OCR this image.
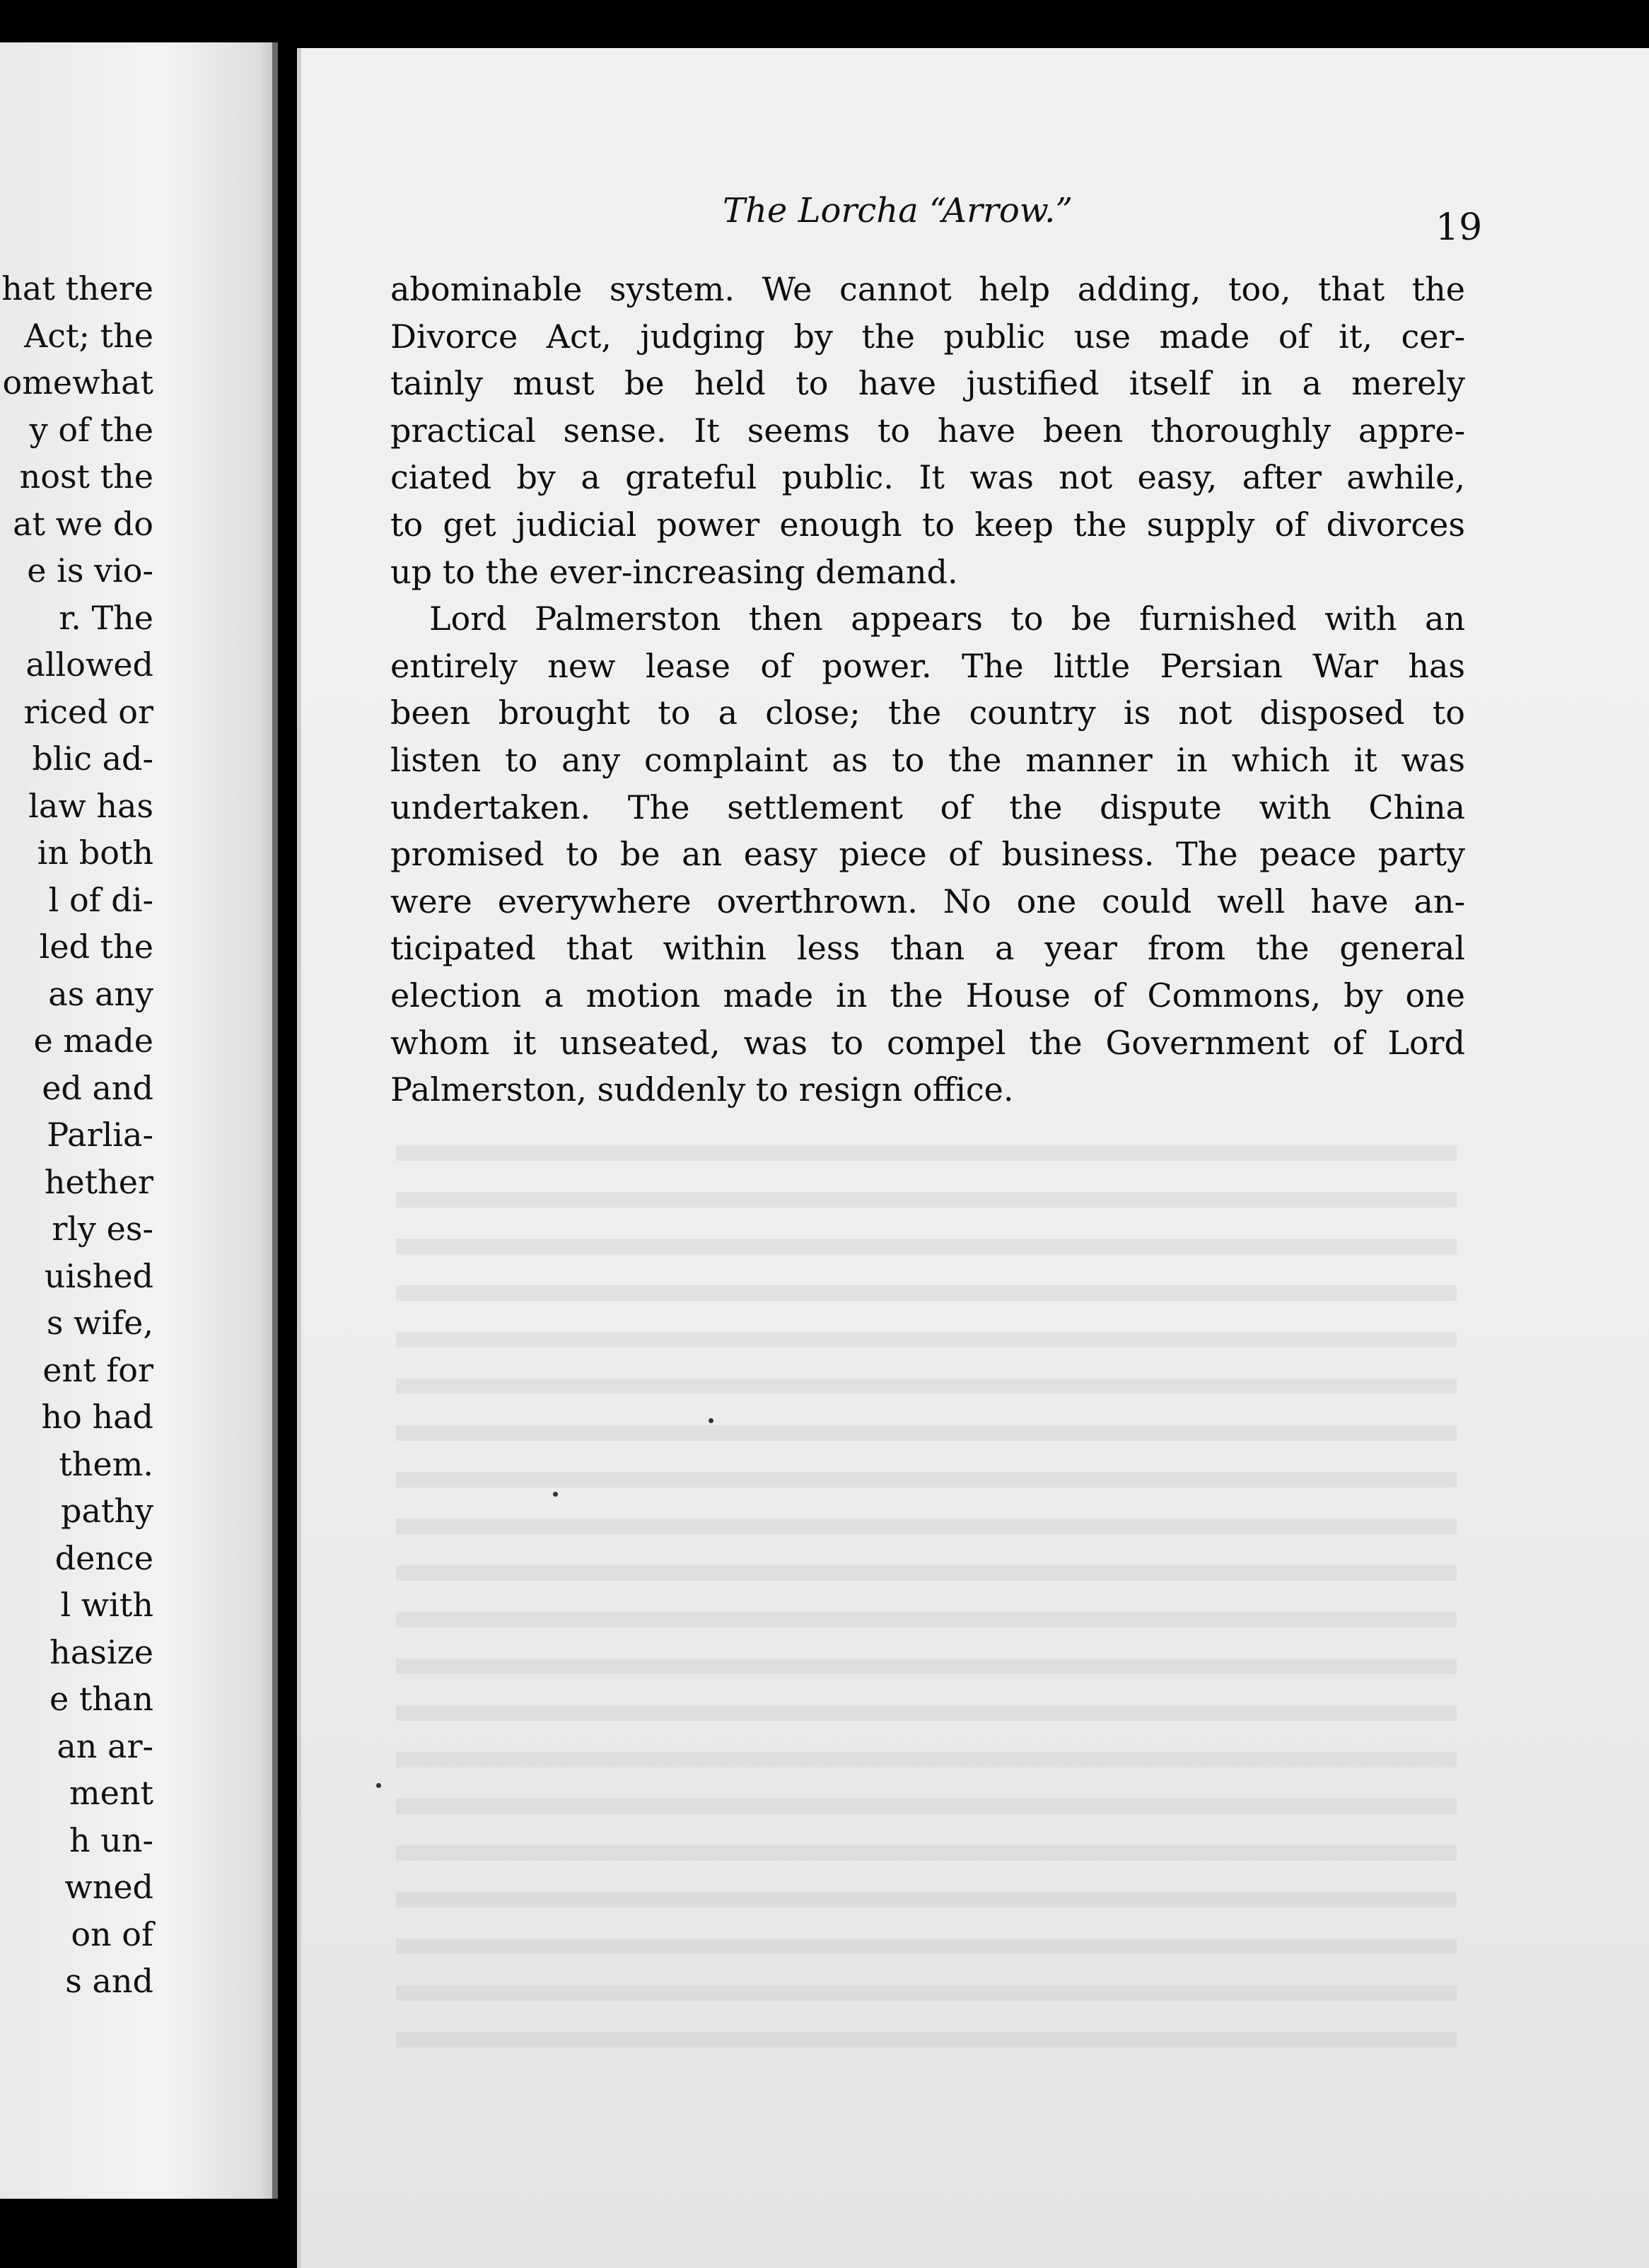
hat there
Act; the
omewhat
y of the
nost the
at we do
e is vio-
r. The
allowed
riced or
blic ad-
law has
in both
l of di-
led the
as any
e made
ed and
Parlia-
hether
rly es-
uished
s wife,
ent for
ho had
them.
pathy
dence
l with
hasize
e than
an ar-
ment
h un-
wned
on of
s and
The Lorcha “Arrow.”	19
abominable system. We cannot help adding, too, that the
Divorce Act, judging by the public use made of it, cer-
tainly must be held to have justified itself in a merely
practical sense. It seems to have been thoroughly appre-
ciated by a grateful public. It was not easy, after awhile,
to get judicial power enough to keep the supply of divorces
up to the ever-increasing demand.
Lord Palmerston then appears to be furnished with an
entirely new lease of power. The little Persian War has
been brought to a close; the country is not disposed to
listen to any complaint as to the manner in which it was
undertaken. The settlement of the dispute with China
promised to be an easy piece of business. The peace party
were everywhere overthrown. No one could well have an-
ticipated that within less than a year from the general
election a motion made in the House of Commons, by one
whom it unseated, was to compel the Government of Lord
Palmerston, suddenly to resign office.
